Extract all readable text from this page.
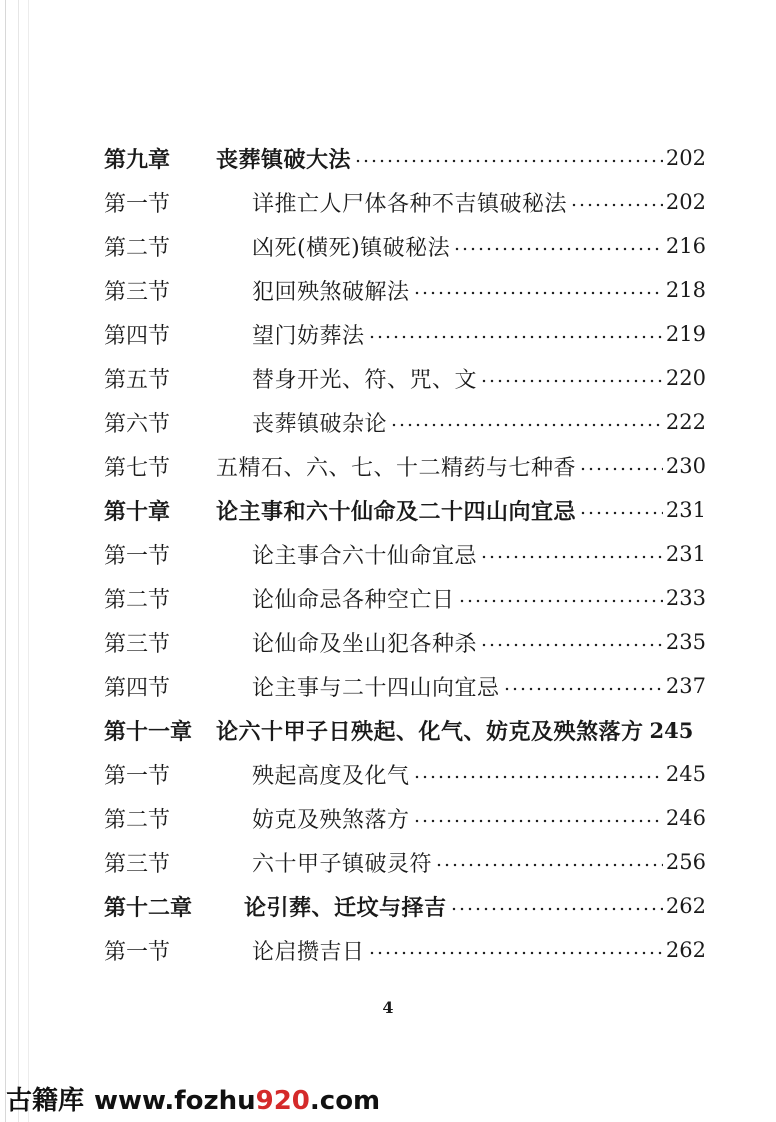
第九章	丧葬镇破大法	202
第一节	详推亡人尸体各种不吉镇破秘法	202
第二节	凶死(横死)镇破秘法	216
第三节	犯回殃煞破解法	218
第四节	望门妨葬法	219
第五节	替身开光、符、咒、文	220
第六节	丧葬镇破杂论	222
第七节	五精石、六、七、十二精药与七种香	230
第十章	论主事和六十仙命及二十四山向宜忌	231
第一节	论主事合六十仙命宜忌	231
第二节	论仙命忌各种空亡日	233
第三节	论仙命及坐山犯各种杀	235
第四节	论主事与二十四山向宜忌	237
第十一章	论六十甲子日殃起、化气、妨克及殃煞落方 245
第一节	殃起高度及化气	245
第二节	妨克及殃煞落方	246
第三节	六十甲子镇破灵符	256
第十二章	论引葬、迁坟与择吉	262
第一节	论启攒吉日	262
4
古籍库 www.fozhu920.com
